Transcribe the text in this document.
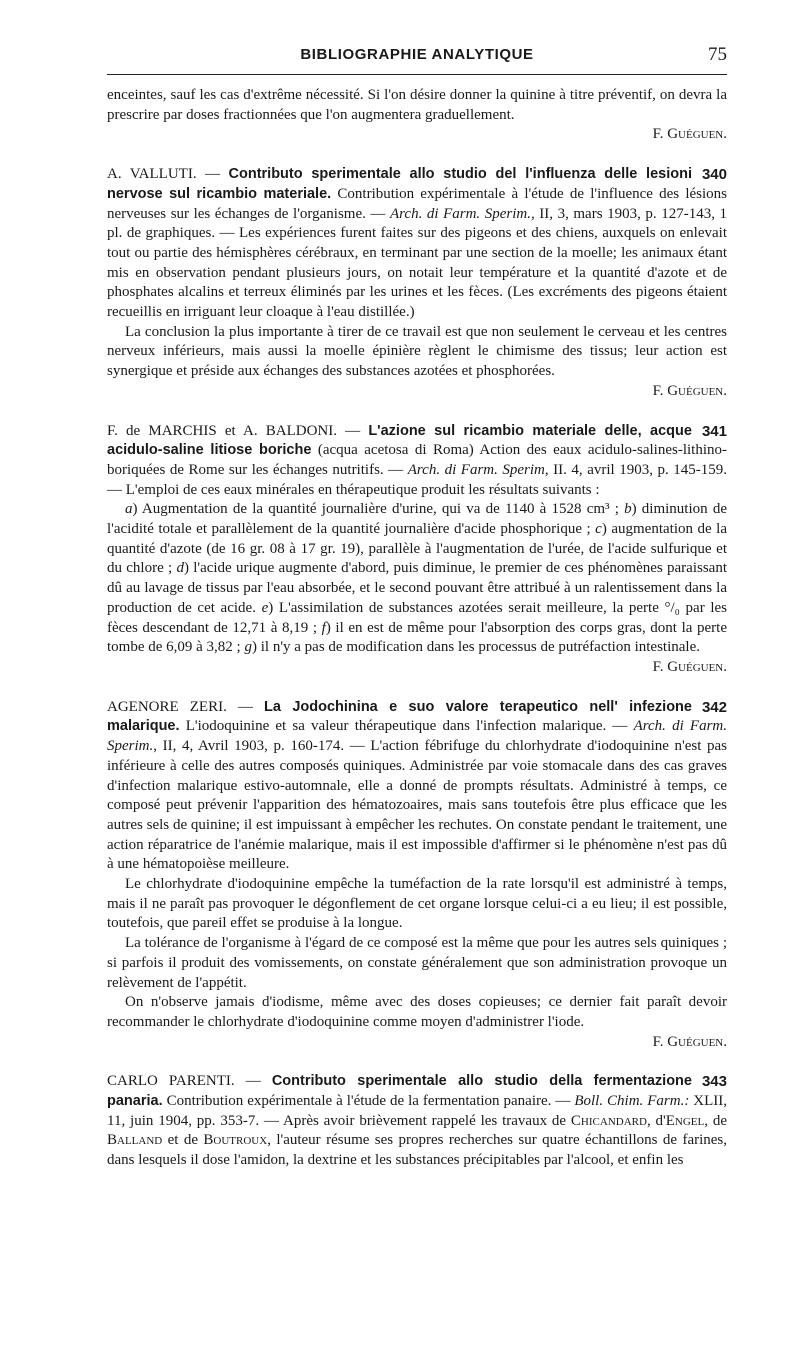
BIBLIOGRAPHIE ANALYTIQUE	75

enceintes, sauf les cas d'extrême nécessité. Si l'on désire donner la quinine à titre préventif, on devra la prescrire par doses fractionnées que l'on augmentera graduellement.

F. Guéguen.

340
A. VALLUTI. — Contributo sperimentale allo studio del l'influenza delle lesioni nervose sul ricambio materiale. Contribution expérimentale à l'étude de l'influence des lésions nerveuses sur les échanges de l'organisme. — Arch. di Farm. Sperim., II, 3, mars 1903, p. 127-143, 1 pl. de graphiques. — Les expériences furent faites sur des pigeons et des chiens, auxquels on enlevait tout ou partie des hémisphères cérébraux, en terminant par une section de la moelle; les animaux étant mis en observation pendant plusieurs jours, on notait leur température et la quantité d'azote et de phosphates alcalins et terreux éliminés par les urines et les fèces. (Les excréments des pigeons étaient recueillis en irriguant leur cloaque à l'eau distillée.)

La conclusion la plus importante à tirer de ce travail est que non seulement le cerveau et les centres nerveux inférieurs, mais aussi la moelle épinière règlent le chimisme des tissus; leur action est synergique et préside aux échanges des substances azotées et phosphorées.

F. Guéguen.

341
F. de MARCHIS et A. BALDONI. — L'azione sul ricambio materiale delle, acque acidulo-saline litiose boriche (acqua acetosa di Roma) Action des eaux acidulo-salines-lithino-boriquées de Rome sur les échanges nutritifs. — Arch. di Farm. Sperim, II. 4, avril 1903, p. 145-159. — L'emploi de ces eaux minérales en thérapeutique produit les résultats suivants :

a) Augmentation de la quantité journalière d'urine, qui va de 1140 à 1528 cm³ ; b) diminution de l'acidité totale et parallèlement de la quantité journalière d'acide phosphorique ; c) augmentation de la quantité d'azote (de 16 gr. 08 à 17 gr. 19), parallèle à l'augmentation de l'urée, de l'acide sulfurique et du chlore ; d) l'acide urique augmente d'abord, puis diminue, le premier de ces phénomènes paraissant dû au lavage de tissus par l'eau absorbée, et le second pouvant être attribué à un ralentissement dans la production de cet acide. e) L'assimilation de substances azotées serait meilleure, la perte °/₀ par les fèces descendant de 12,71 à 8,19 ; f) il en est de même pour l'absorption des corps gras, dont la perte tombe de 6,09 à 3,82 ; g) il n'y a pas de modification dans les processus de putréfaction intestinale.

F. Guéguen.

342
AGENORE ZERI. — La Jodochinina e suo valore terapeutico nell' infezione malarique. L'iodoquinine et sa valeur thérapeutique dans l'infection malarique. — Arch. di Farm. Sperim., II, 4, Avril 1903, p. 160-174. — L'action fébrifuge du chlorhydrate d'iodoquinine n'est pas inférieure à celle des autres composés quiniques. Administrée par voie stomacale dans des cas graves d'infection malarique estivo-automnale, elle a donné de prompts résultats. Administré à temps, ce composé peut prévenir l'apparition des hématozoaires, mais sans toutefois être plus efficace que les autres sels de quinine; il est impuissant à empêcher les rechutes. On constate pendant le traitement, une action réparatrice de l'anémie malarique, mais il est impossible d'affirmer si le phénomène n'est pas dû à une hématopoièse meilleure.

Le chlorhydrate d'iodoquinine empêche la tuméfaction de la rate lorsqu'il est administré à temps, mais il ne paraît pas provoquer le dégonflement de cet organe lorsque celui-ci a eu lieu; il est possible, toutefois, que pareil effet se produise à la longue.

La tolérance de l'organisme à l'égard de ce composé est la même que pour les autres sels quiniques ; si parfois il produit des vomissements, on constate généralement que son administration provoque un relèvement de l'appétit.

On n'observe jamais d'iodisme, même avec des doses copieuses; ce dernier fait paraît devoir recommander le chlorhydrate d'iodoquinine comme moyen d'administrer l'iode.

F. Guéguen.

343
CARLO PARENTI. — Contributo sperimentale allo studio della fermentazione panaria. Contribution expérimentale à l'étude de la fermentation panaire. — Boll. Chim. Farm.: XLII, 11, juin 1904, pp. 353-7. — Après avoir brièvement rappelé les travaux de Chicandard, d'Engel, de Balland et de Boutroux, l'auteur résume ses propres recherches sur quatre échantillons de farines, dans lesquels il dose l'amidon, la dextrine et les substances précipitables par l'alcool, et enfin les
